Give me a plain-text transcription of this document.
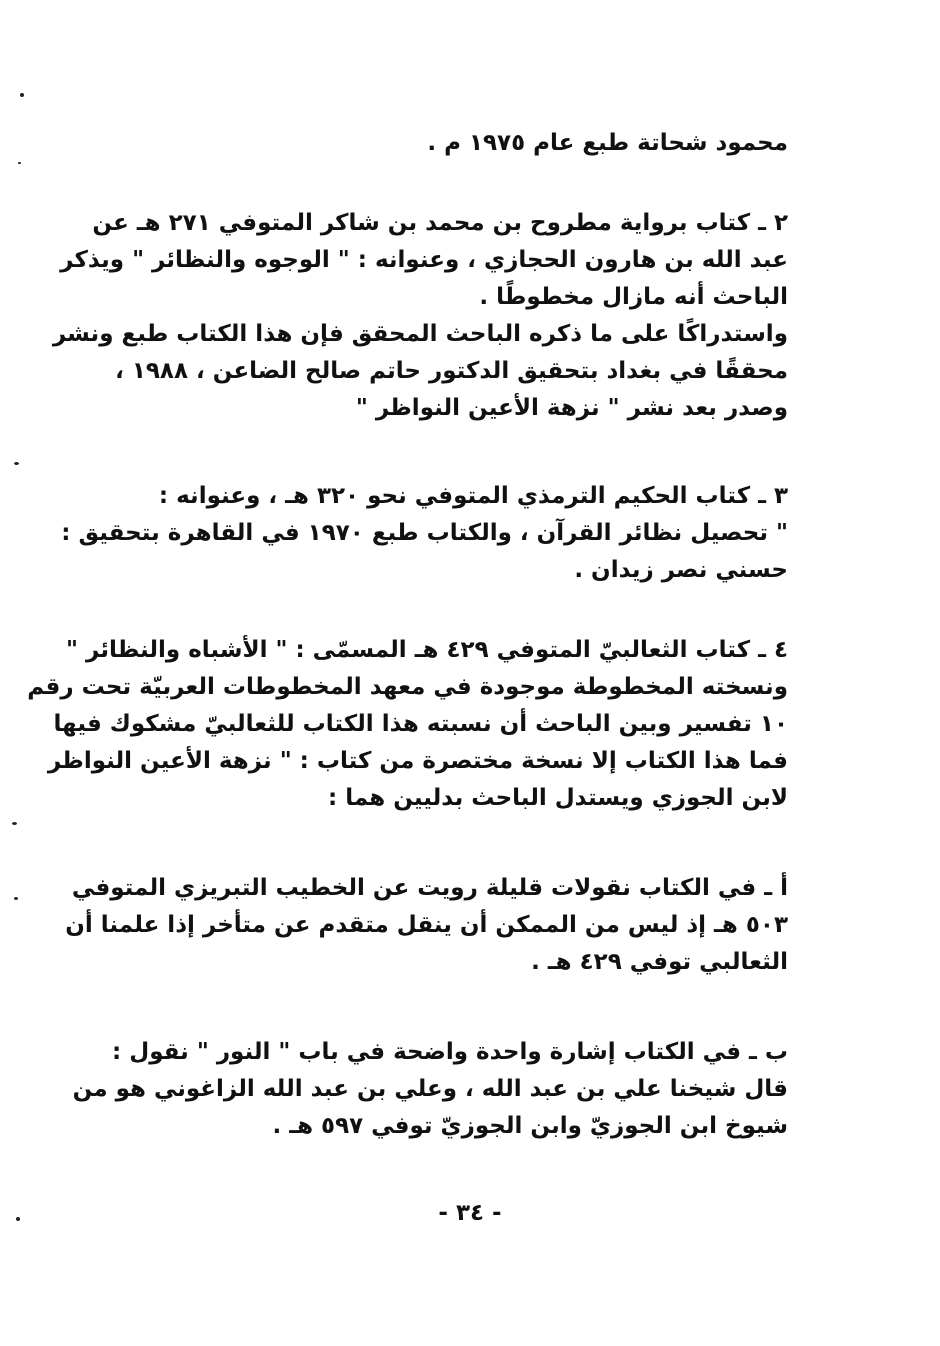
محمود شحاتة طبع عام ١٩٧٥ م .
٢ ـ كتاب برواية مطروح بن محمد بن شاكر المتوفي ٢٧١ هـ عن
عبد الله بن هارون الحجازي ، وعنوانه : " الوجوه والنظائر " ويذكر
الباحث أنه مازال مخطوطًا .
واستدراكًا على ما ذكره الباحث المحقق فإن هذا الكتاب طبع ونشر
محققًا في بغداد بتحقيق الدكتور حاتم صالح الضاعن ، ١٩٨٨ ،
وصدر بعد نشر " نزهة الأعين النواظر "
٣ ـ كتاب الحكيم الترمذي المتوفي نحو ٣٢٠ هـ ، وعنوانه :
" تحصيل نظائر القرآن ، والكتاب طبع ١٩٧٠ في القاهرة بتحقيق :
حسني نصر زيدان .
٤ ـ كتاب الثعالبيّ المتوفي ٤٢٩ هـ المسمّى : " الأشباه والنظائر "
ونسخته المخطوطة موجودة في معهد المخطوطات العربيّة تحت رقم
١٠ تفسير وبين الباحث أن نسبته هذا الكتاب للثعالبيّ مشكوك فيها
فما هذا الكتاب إلا نسخة مختصرة من كتاب : " نزهة الأعين النواظر
لابن الجوزي ويستدل الباحث بدليين هما :
أ ـ في الكتاب نقولات قليلة رويت عن الخطيب التبريزي المتوفي
٥٠٣ هـ إذ ليس من الممكن أن ينقل متقدم عن متأخر إذا علمنا أن
الثعالبي توفي ٤٢٩ هـ .
ب ـ في الكتاب إشارة واحدة واضحة في باب " النور " نقول :
قال شيخنا علي بن عبد الله ، وعلي بن عبد الله الزاغوني هو من
شيوخ ابن الجوزيّ وابن الجوزيّ توفي ٥٩٧ هـ .
- ٣٤ -
